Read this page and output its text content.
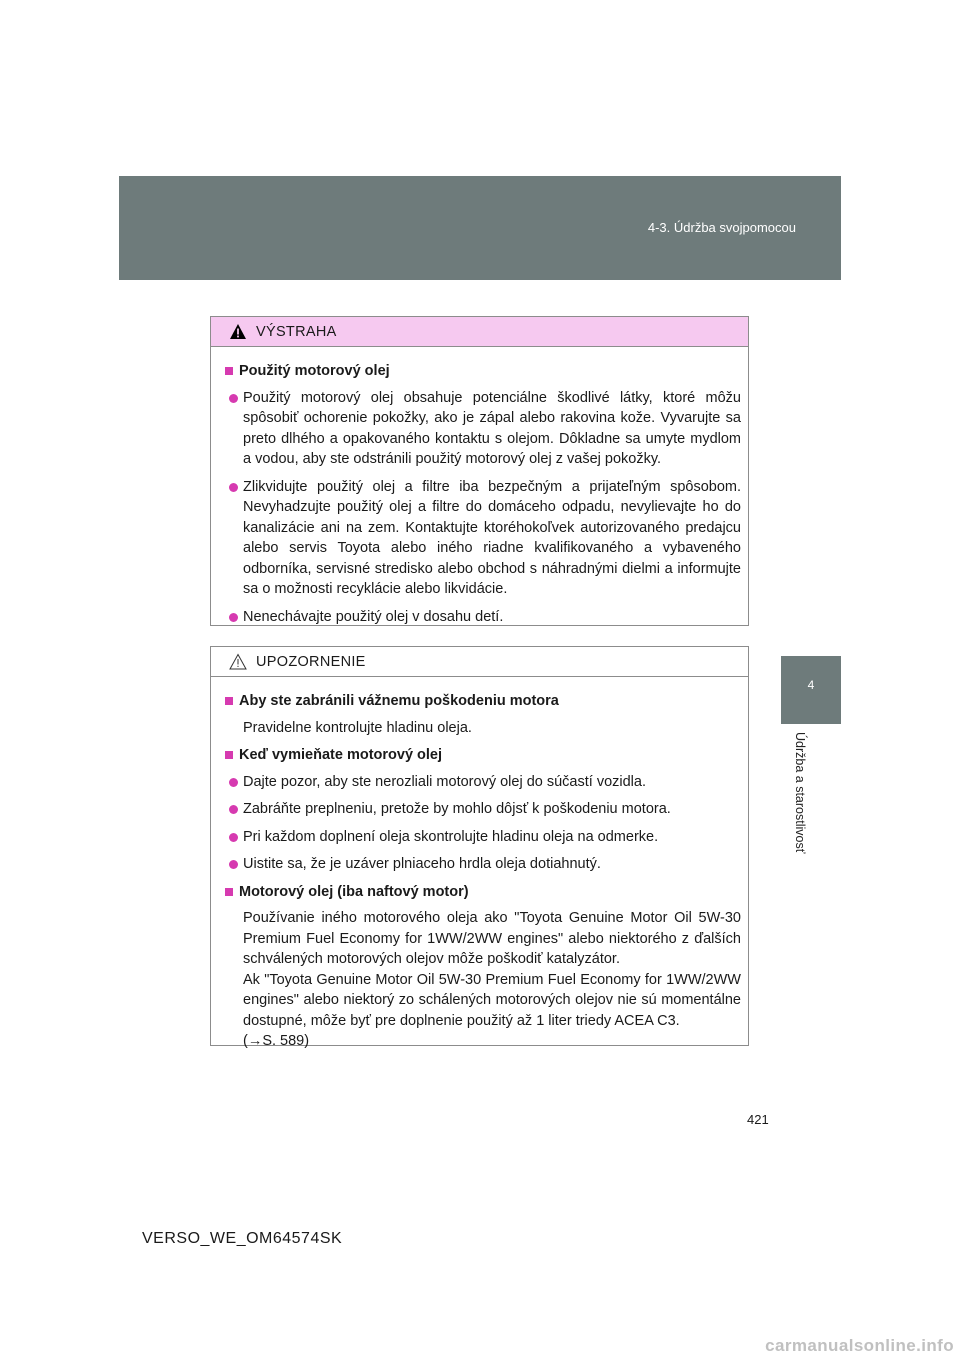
4-3. Údržba svojpomocou
4
Údržba a starostlivosť
VÝSTRAHA
Použitý motorový olej
Použitý motorový olej obsahuje potenciálne škodlivé látky, ktoré môžu spôsobiť ochorenie pokožky, ako je zápal alebo rakovina kože. Vyvarujte sa preto dlhého a opakovaného kontaktu s olejom. Dôkladne sa umyte mydlom a vodou, aby ste odstránili použitý motorový olej z vašej pokožky.
Zlikvidujte použitý olej a filtre iba bezpečným a prijateľným spôsobom. Nevyhadzujte použitý olej a filtre do domáceho odpadu, nevylievajte ho do kanalizácie ani na zem. Kontaktujte ktoréhokoľvek autorizovaného predajcu alebo servis Toyota alebo iného riadne kvalifikovaného a vybaveného odborníka, servisné stredisko alebo obchod s náhradnými dielmi a informujte sa o možnosti recyklácie alebo likvidácie.
Nenechávajte použitý olej v dosahu detí.
UPOZORNENIE
Aby ste zabránili vážnemu poškodeniu motora
Pravidelne kontrolujte hladinu oleja.
Keď vymieňate motorový olej
Dajte pozor, aby ste nerozliali motorový olej do súčastí vozidla.
Zabráňte preplneniu, pretože by mohlo dôjsť k poškodeniu motora.
Pri každom doplnení oleja skontrolujte hladinu oleja na odmerke.
Uistite sa, že je uzáver plniaceho hrdla oleja dotiahnutý.
Motorový olej (iba naftový motor)
Používanie iného motorového oleja ako "Toyota Genuine Motor Oil 5W-30 Premium Fuel Economy for 1WW/2WW engines" alebo niektorého z ďalších schválených motorových olejov môže poškodiť katalyzátor.
Ak "Toyota Genuine Motor Oil 5W-30 Premium Fuel Economy for 1WW/2WW engines" alebo niektorý zo schálených motorových olejov nie sú momentálne dostupné, môže byť pre doplnenie použitý až 1 liter triedy ACEA C3.
(→S. 589)
421
VERSO_WE_OM64574SK
carmanualsonline.info
